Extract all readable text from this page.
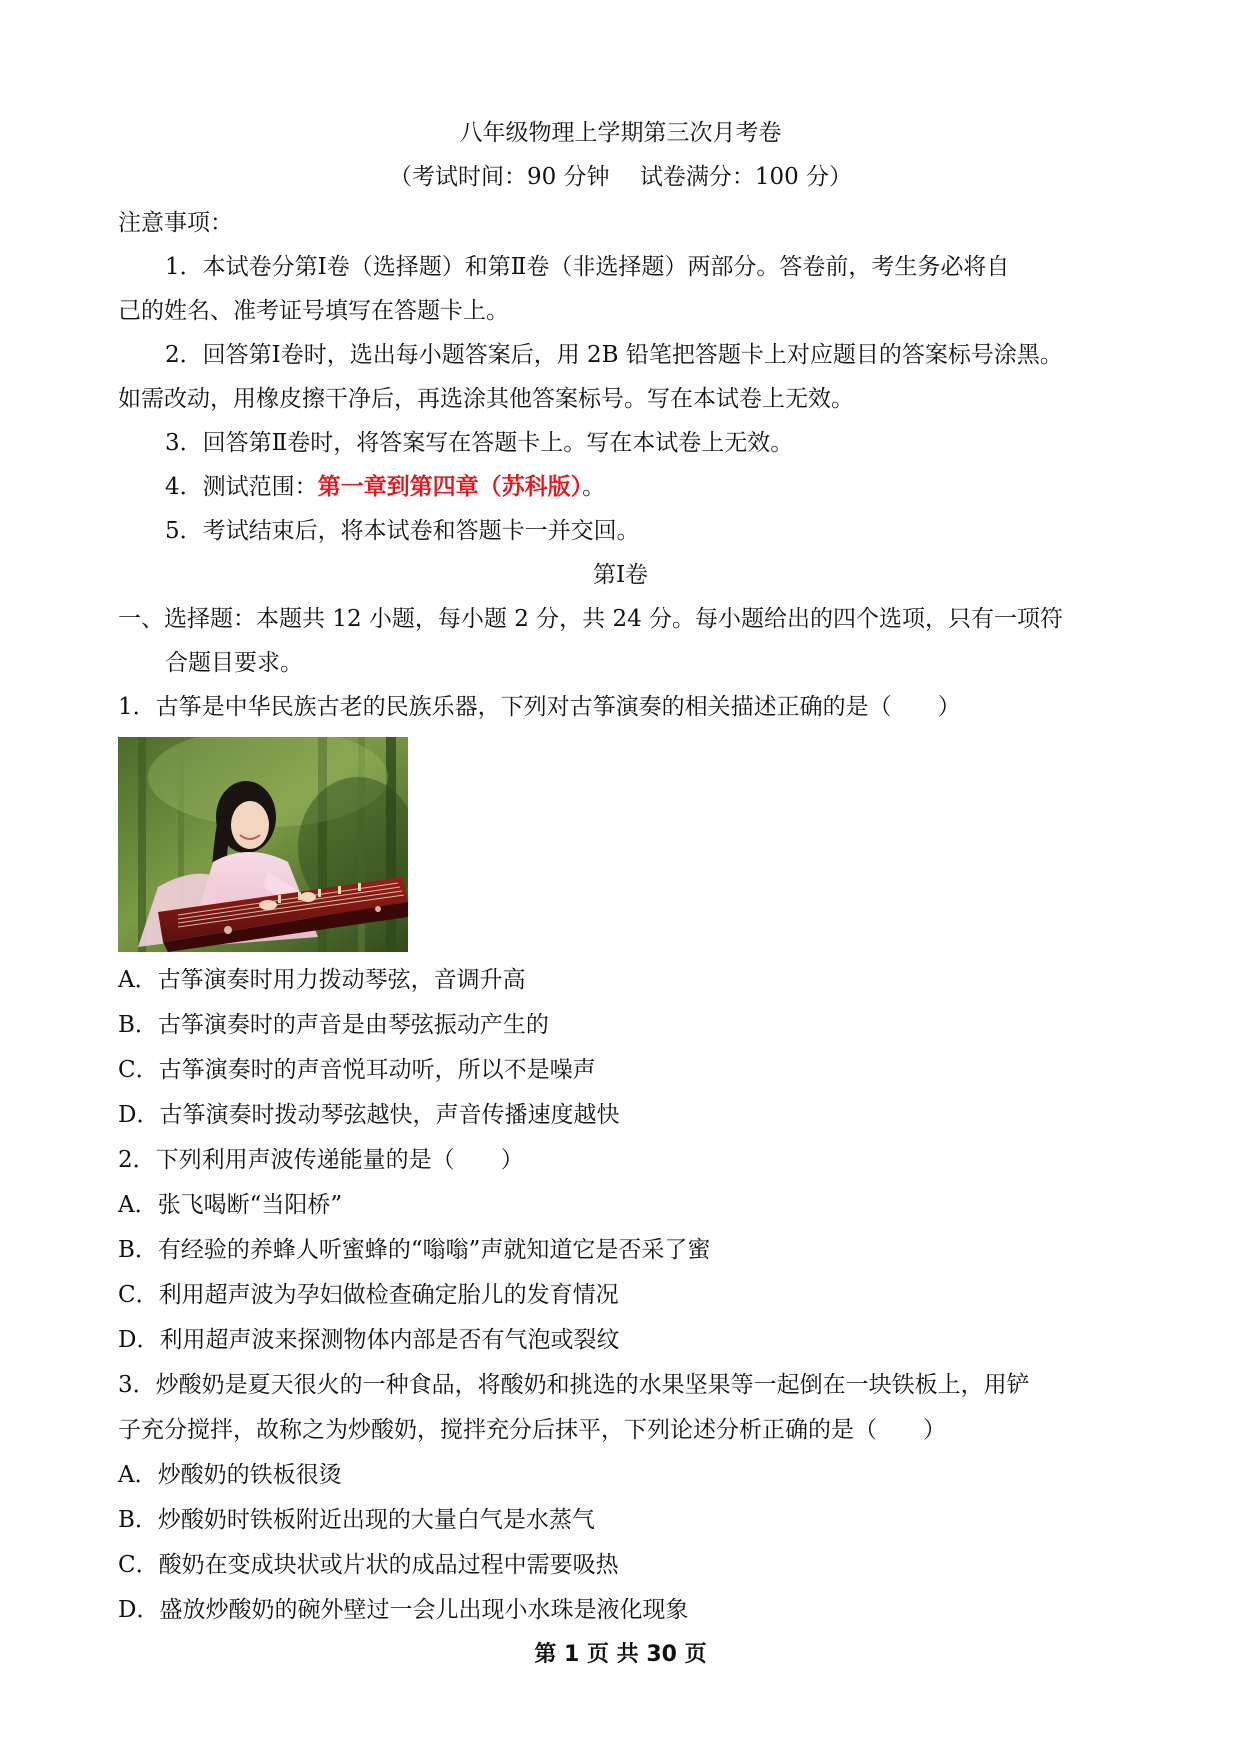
八年级物理上学期第三次月考卷
（考试时间：90 分钟　 试卷满分：100 分）
注意事项：
1．本试卷分第Ⅰ卷（选择题）和第Ⅱ卷（非选择题）两部分。答卷前，考生务必将自
己的姓名、准考证号填写在答题卡上。
2．回答第Ⅰ卷时，选出每小题答案后，用 2B 铅笔把答题卡上对应题目的答案标号涂黑。
如需改动，用橡皮擦干净后，再选涂其他答案标号。写在本试卷上无效。
3．回答第Ⅱ卷时，将答案写在答题卡上。写在本试卷上无效。
4．测试范围：第一章到第四章（苏科版）。
5．考试结束后，将本试卷和答题卡一并交回。
第Ⅰ卷
一、选择题：本题共 12 小题，每小题 2 分，共 24 分。每小题给出的四个选项，只有一项符
合题目要求。
1．古筝是中华民族古老的民族乐器，下列对古筝演奏的相关描述正确的是（　　）
A．古筝演奏时用力拨动琴弦，音调升高
B．古筝演奏时的声音是由琴弦振动产生的
C．古筝演奏时的声音悦耳动听，所以不是噪声
D．古筝演奏时拨动琴弦越快，声音传播速度越快
2．下列利用声波传递能量的是（　　）
A．张飞喝断“当阳桥”
B．有经验的养蜂人听蜜蜂的“嗡嗡”声就知道它是否采了蜜
C．利用超声波为孕妇做检查确定胎儿的发育情况
D．利用超声波来探测物体内部是否有气泡或裂纹
3．炒酸奶是夏天很火的一种食品，将酸奶和挑选的水果坚果等一起倒在一块铁板上，用铲
子充分搅拌，故称之为炒酸奶，搅拌充分后抹平，下列论述分析正确的是（　　）
A．炒酸奶的铁板很烫
B．炒酸奶时铁板附近出现的大量白气是水蒸气
C．酸奶在变成块状或片状的成品过程中需要吸热
D．盛放炒酸奶的碗外壁过一会儿出现小水珠是液化现象
第 1 页 共 30 页
